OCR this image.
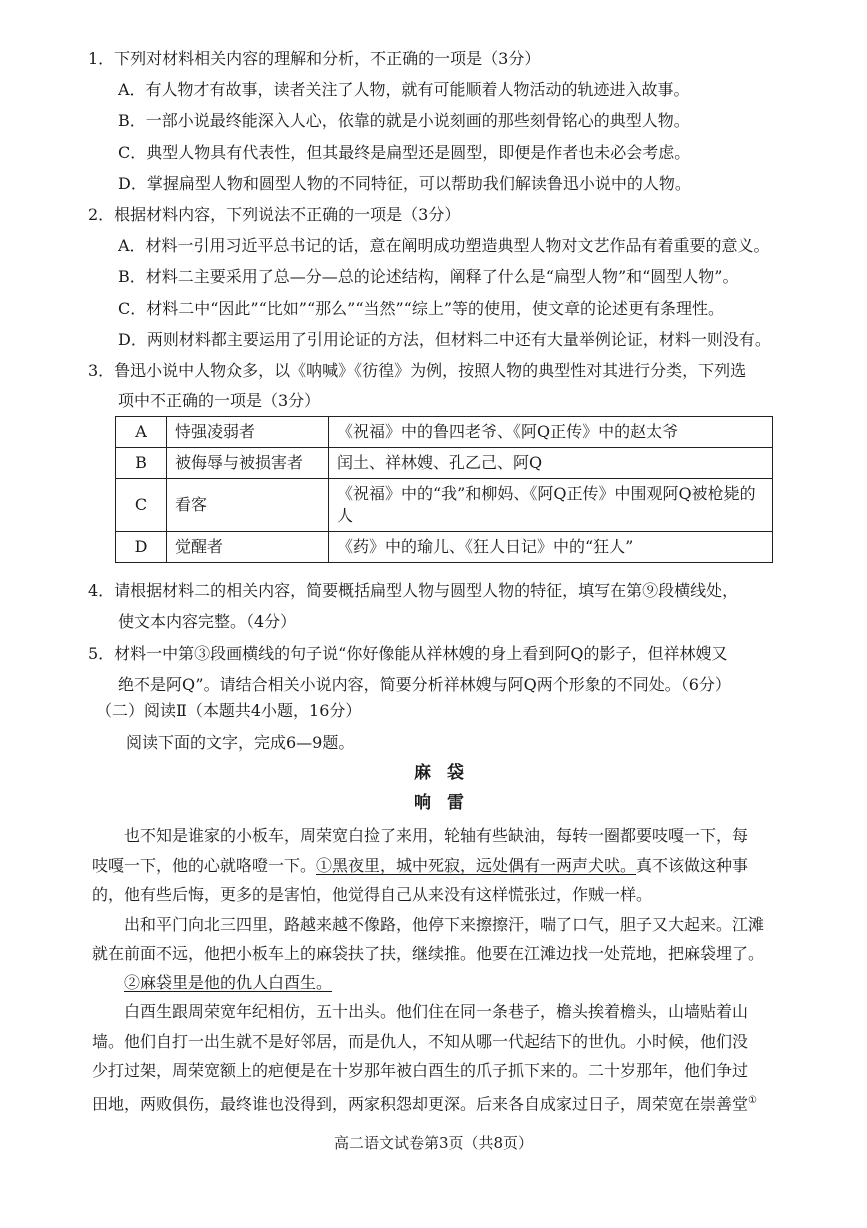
1．下列对材料相关内容的理解和分析，不正确的一项是（3分）
A．有人物才有故事，读者关注了人物，就有可能顺着人物活动的轨迹进入故事。
B．一部小说最终能深入人心，依靠的就是小说刻画的那些刻骨铭心的典型人物。
C．典型人物具有代表性，但其最终是扁型还是圆型，即便是作者也未必会考虑。
D．掌握扁型人物和圆型人物的不同特征，可以帮助我们解读鲁迅小说中的人物。
2．根据材料内容，下列说法不正确的一项是（3分）
A．材料一引用习近平总书记的话，意在阐明成功塑造典型人物对文艺作品有着重要的意义。
B．材料二主要采用了总—分—总的论述结构，阐释了什么是“扁型人物”和“圆型人物”。
C．材料二中“因此”“比如”“那么”“当然”“综上”等的使用，使文章的论述更有条理性。
D．两则材料都主要运用了引用论证的方法，但材料二中还有大量举例论证，材料一则没有。
3．鲁迅小说中人物众多，以《呐喊》《彷徨》为例，按照人物的典型性对其进行分类，下列选
项中不正确的一项是（3分）
A	恃强凌弱者	《祝福》中的鲁四老爷、《阿Q正传》中的赵太爷
B	被侮辱与被损害者	闰土、祥林嫂、孔乙己、阿Q
C	看客	《祝福》中的“我”和柳妈、《阿Q正传》中围观阿Q被枪毙的人
D	觉醒者	《药》中的瑜儿、《狂人日记》中的“狂人”
4．请根据材料二的相关内容，简要概括扁型人物与圆型人物的特征，填写在第⑨段横线处，
使文本内容完整。（4分）
5．材料一中第③段画横线的句子说“你好像能从祥林嫂的身上看到阿Q的影子，但祥林嫂又
绝不是阿Q”。请结合相关小说内容，简要分析祥林嫂与阿Q两个形象的不同处。（6分）
（二）阅读Ⅱ（本题共4小题，16分）
阅读下面的文字，完成6—9题。
麻袋
响雷
也不知是谁家的小板车，周荣宽白捡了来用，轮轴有些缺油，每转一圈都要吱嘎一下，每
吱嘎一下，他的心就咯噔一下。①黑夜里，城中死寂，远处偶有一两声犬吠。真不该做这种事
的，他有些后悔，更多的是害怕，他觉得自己从来没有这样慌张过，作贼一样。
出和平门向北三四里，路越来越不像路，他停下来擦擦汗，喘了口气，胆子又大起来。江滩
就在前面不远，他把小板车上的麻袋扶了扶，继续推。他要在江滩边找一处荒地，把麻袋埋了。
②麻袋里是他的仇人白酉生。
白酉生跟周荣宽年纪相仿，五十出头。他们住在同一条巷子，檐头挨着檐头，山墙贴着山
墙。他们自打一出生就不是好邻居，而是仇人，不知从哪一代起结下的世仇。小时候，他们没
少打过架，周荣宽额上的疤便是在十岁那年被白酉生的爪子抓下来的。二十岁那年，他们争过
田地，两败俱伤，最终谁也没得到，两家积怨却更深。后来各自成家过日子，周荣宽在崇善堂①
高二语文试卷第3页（共8页）
